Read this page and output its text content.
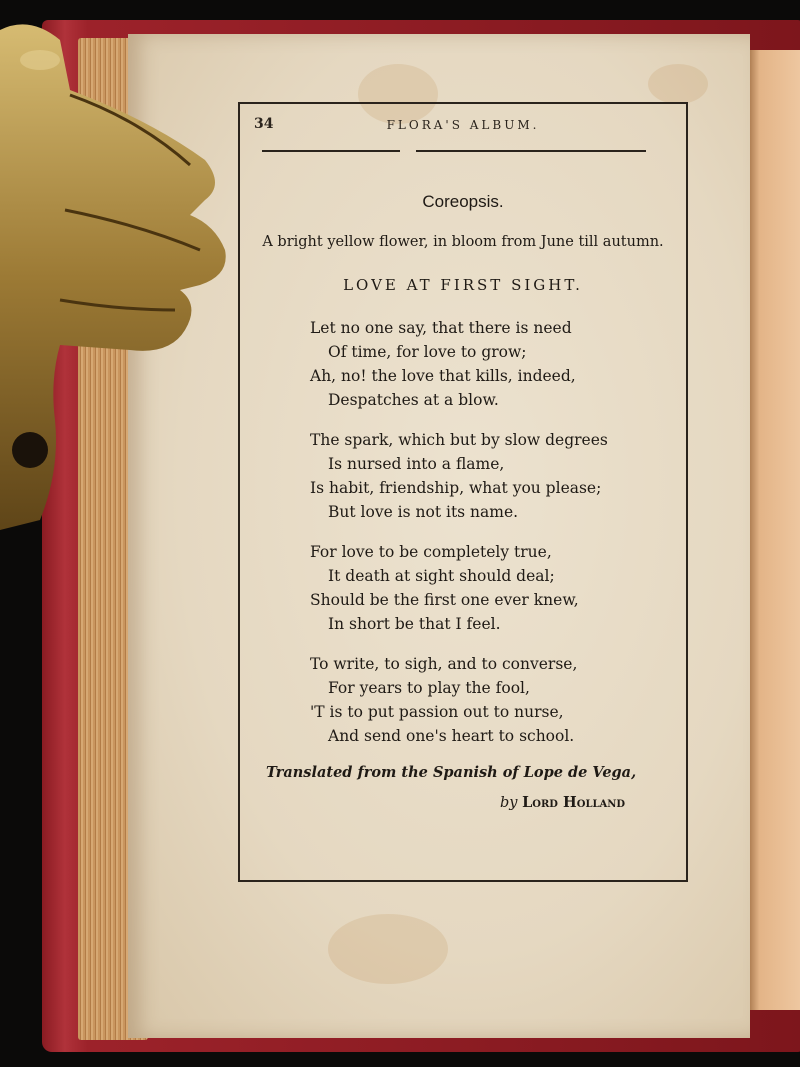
34	FLORA'S ALBUM.
Coreopsis.
A bright yellow flower, in bloom from June till autumn.
LOVE AT FIRST SIGHT.
Let no one say, that there is need
Of time, for love to grow;
Ah, no! the love that kills, indeed,
Despatches at a blow.
The spark, which but by slow degrees
Is nursed into a flame,
Is habit, friendship, what you please;
But love is not its name.
For love to be completely true,
It death at sight should deal;
Should be the first one ever knew,
In short be that I feel.
To write, to sigh, and to converse,
For years to play the fool,
'T is to put passion out to nurse,
And send one's heart to school.
Translated from the Spanish of Lope de Vega,
by Lord Holland
